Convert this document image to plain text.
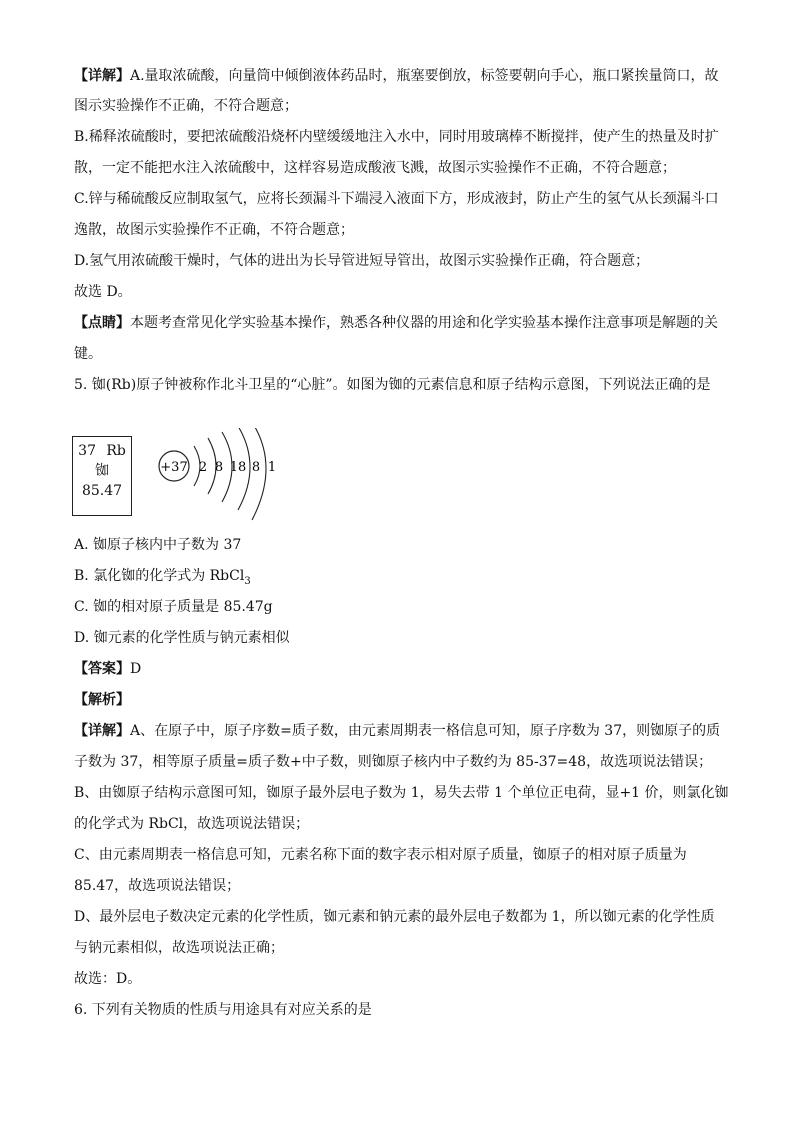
【详解】A.量取浓硫酸，向量筒中倾倒液体药品时，瓶塞要倒放，标签要朝向手心，瓶口紧挨量筒口，故
图示实验操作不正确，不符合题意；
B.稀释浓硫酸时，要把浓硫酸沿烧杯内壁缓缓地注入水中，同时用玻璃棒不断搅拌，使产生的热量及时扩
散，一定不能把水注入浓硫酸中，这样容易造成酸液飞溅，故图示实验操作不正确，不符合题意；
C.锌与稀硫酸反应制取氢气，应将长颈漏斗下端浸入液面下方，形成液封，防止产生的氢气从长颈漏斗口
逸散，故图示实验操作不正确，不符合题意；
D.氢气用浓硫酸干燥时，气体的进出为长导管进短导管出，故图示实验操作正确，符合题意；
故选 D。
【点睛】本题考查常见化学实验基本操作，熟悉各种仪器的用途和化学实验基本操作注意事项是解题的关
键。
5. 铷(Rb)原子钟被称作北斗卫星的“心脏”。如图为铷的元素信息和原子结构示意图，下列说法正确的是
37 Rb
铷
85.47
+37 2 8 18 8 1
A. 铷原子核内中子数为 37
B. 氯化铷的化学式为 RbCl$_3$
C. 铷的相对原子质量是 85.47g
D. 铷元素的化学性质与钠元素相似
【答案】D
【解析】
【详解】A、在原子中，原子序数=质子数，由元素周期表一格信息可知，原子序数为 37，则铷原子的质
子数为 37，相等原子质量=质子数+中子数，则铷原子核内中子数约为 85-37=48，故选项说法错误；
B、由铷原子结构示意图可知，铷原子最外层电子数为 1，易失去带 1 个单位正电荷，显+1 价，则氯化铷
的化学式为 RbCl，故选项说法错误；
C、由元素周期表一格信息可知，元素名称下面的数字表示相对原子质量，铷原子的相对原子质量为
85.47，故选项说法错误；
D、最外层电子数决定元素的化学性质，铷元素和钠元素的最外层电子数都为 1，所以铷元素的化学性质
与钠元素相似，故选项说法正确；
故选：D。
6. 下列有关物质的性质与用途具有对应关系的是
